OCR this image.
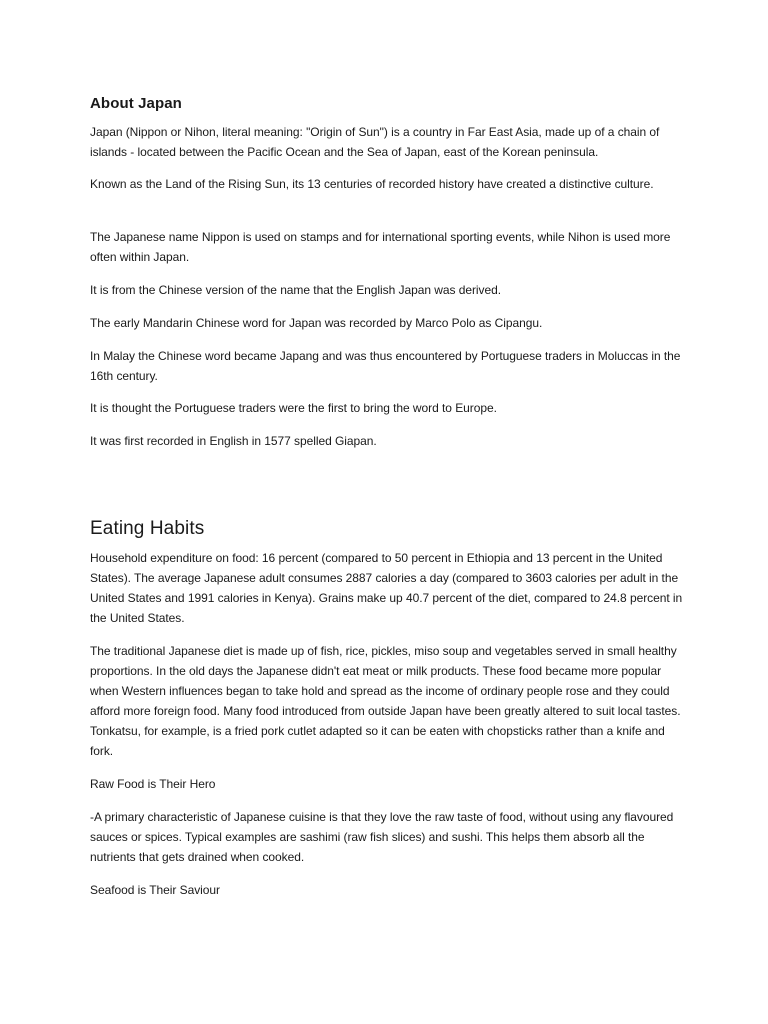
About Japan

Japan (Nippon or Nihon, literal meaning: "Origin of Sun") is a country in Far East Asia, made up of a chain of islands - located between the Pacific Ocean and the Sea of Japan, east of the Korean peninsula.

Known as the Land of the Rising Sun, its 13 centuries of recorded history have created a distinctive culture.

The Japanese name Nippon is used on stamps and for international sporting events, while Nihon is used more often within Japan.

It is from the Chinese version of the name that the English Japan was derived.

The early Mandarin Chinese word for Japan was recorded by Marco Polo as Cipangu.

In Malay the Chinese word became Japang and was thus encountered by Portuguese traders in Moluccas in the 16th century.

It is thought the Portuguese traders were the first to bring the word to Europe.

It was first recorded in English in 1577 spelled Giapan.

Eating Habits

Household expenditure on food: 16 percent (compared to 50 percent in Ethiopia and 13 percent in the United States). The average Japanese adult consumes 2887 calories a day (compared to 3603 calories per adult in the United States and 1991 calories in Kenya). Grains make up 40.7 percent of the diet, compared to 24.8 percent in the United States.

The traditional Japanese diet is made up of fish, rice, pickles, miso soup and vegetables served in small healthy proportions. In the old days the Japanese didn't eat meat or milk products. These food became more popular when Western influences began to take hold and spread as the income of ordinary people rose and they could afford more foreign food. Many food introduced from outside Japan have been greatly altered to suit local tastes. Tonkatsu, for example, is a fried pork cutlet adapted so it can be eaten with chopsticks rather than a knife and fork.

Raw Food is Their Hero

-A primary characteristic of Japanese cuisine is that they love the raw taste of food, without using any flavoured sauces or spices. Typical examples are sashimi (raw fish slices) and sushi. This helps them absorb all the nutrients that gets drained when cooked.

Seafood is Their Saviour
